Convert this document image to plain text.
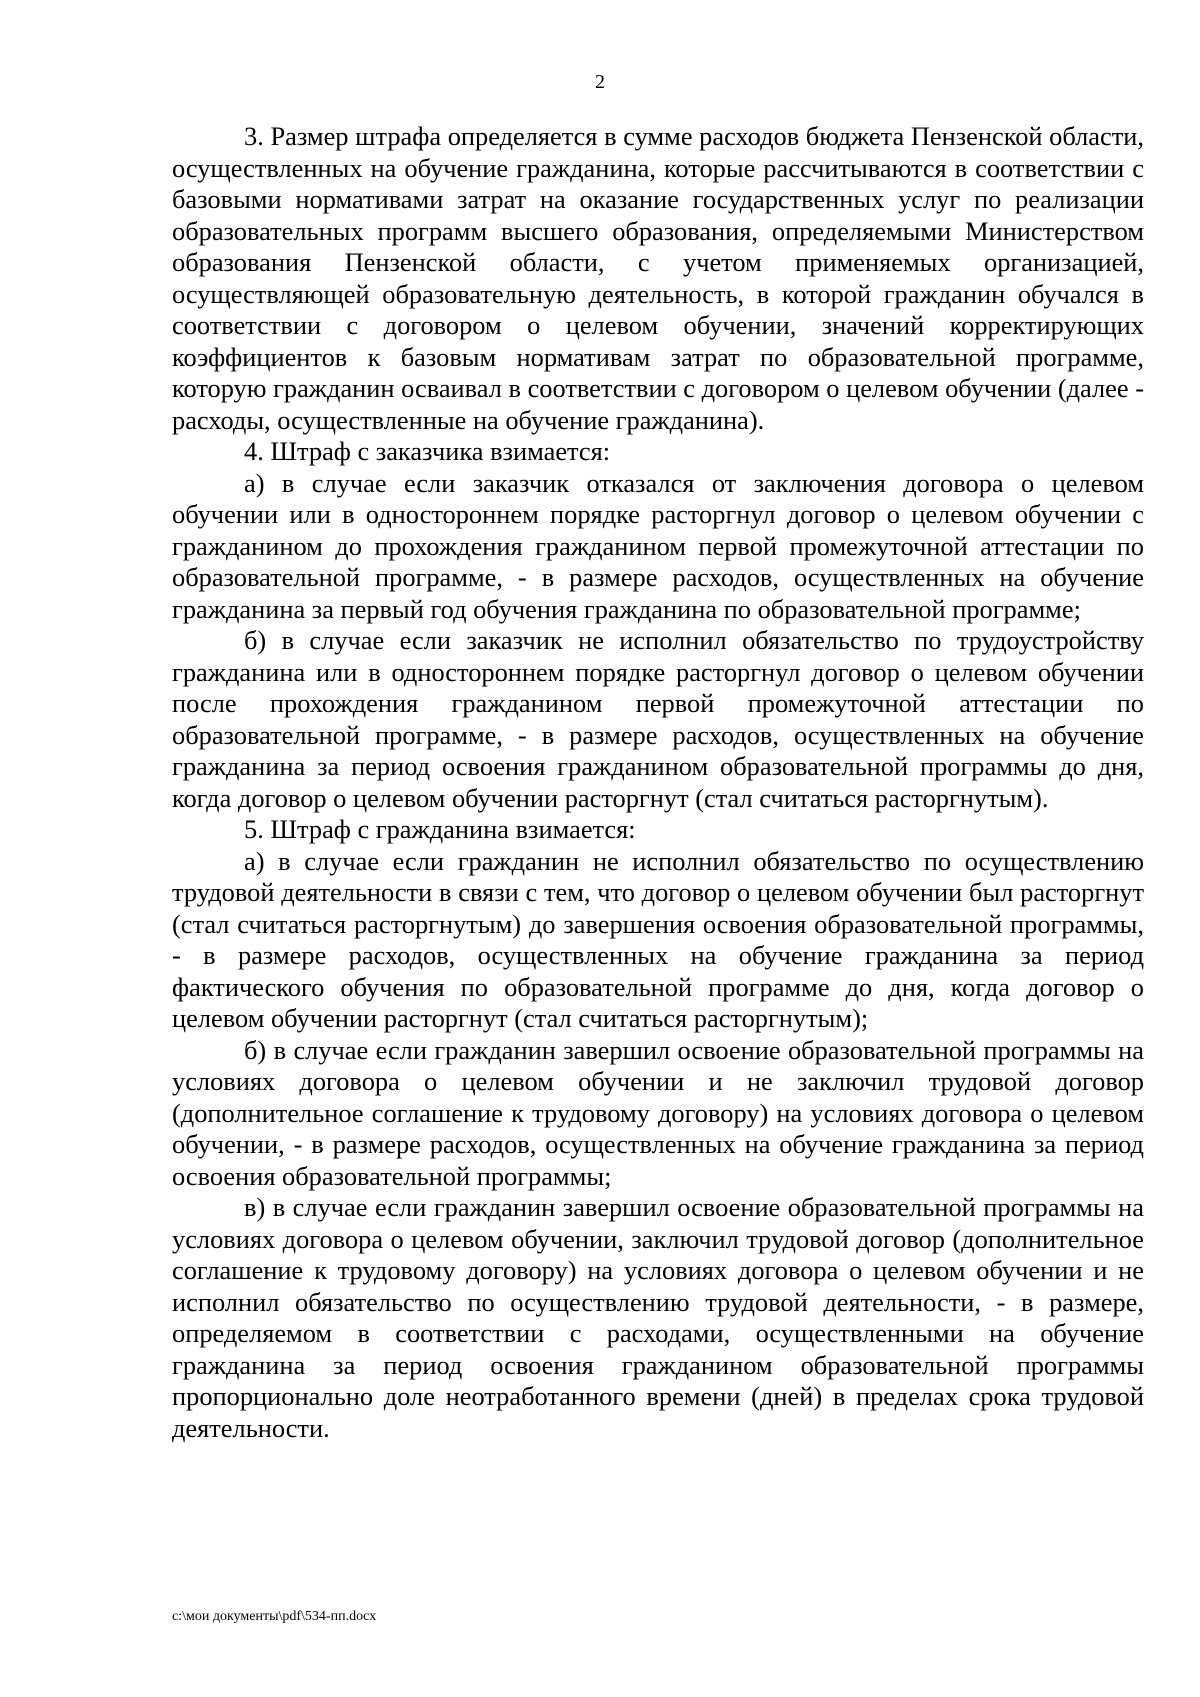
2

3. Размер штрафа определяется в сумме расходов бюджета Пензенской области, осуществленных на обучение гражданина, которые рассчитываются в соответствии с базовыми нормативами затрат на оказание государственных услуг по реализации образовательных программ высшего образования, определяемыми Министерством образования Пензенской области, с учетом применяемых организацией, осуществляющей образовательную деятельность, в которой гражданин обучался в соответствии с договором о целевом обучении, значений корректирующих коэффициентов к базовым нормативам затрат по образовательной программе, которую гражданин осваивал в соответствии с договором о целевом обучении (далее - расходы, осуществленные на обучение гражданина).

4. Штраф с заказчика взимается:

а) в случае если заказчик отказался от заключения договора о целевом обучении или в одностороннем порядке расторгнул договор о целевом обучении с гражданином до прохождения гражданином первой промежуточной аттестации по образовательной программе, - в размере расходов, осуществленных на обучение гражданина за первый год обучения гражданина по образовательной программе;

б) в случае если заказчик не исполнил обязательство по трудоустройству гражданина или в одностороннем порядке расторгнул договор о целевом обучении после прохождения гражданином первой промежуточной аттестации по образовательной программе, - в размере расходов, осуществленных на обучение гражданина за период освоения гражданином образовательной программы до дня, когда договор о целевом обучении расторгнут (стал считаться расторгнутым).

5. Штраф с гражданина взимается:

а) в случае если гражданин не исполнил обязательство по осуществлению трудовой деятельности в связи с тем, что договор о целевом обучении был расторгнут (стал считаться расторгнутым) до завершения освоения образовательной программы, - в размере расходов, осуществленных на обучение гражданина за период фактического обучения по образовательной программе до дня, когда договор о целевом обучении расторгнут (стал считаться расторгнутым);

б) в случае если гражданин завершил освоение образовательной программы на условиях договора о целевом обучении и не заключил трудовой договор (дополнительное соглашение к трудовому договору) на условиях договора о целевом обучении, - в размере расходов, осуществленных на обучение гражданина за период освоения образовательной программы;

в) в случае если гражданин завершил освоение образовательной программы на условиях договора о целевом обучении, заключил трудовой договор (дополнительное соглашение к трудовому договору) на условиях договора о целевом обучении и не исполнил обязательство по осуществлению трудовой деятельности, - в размере, определяемом в соответствии с расходами, осуществленными на обучение гражданина за период освоения гражданином образовательной программы пропорционально доле неотработанного времени (дней) в пределах срока трудовой деятельности.

c:\мои документы\pdf\534-пп.docx
